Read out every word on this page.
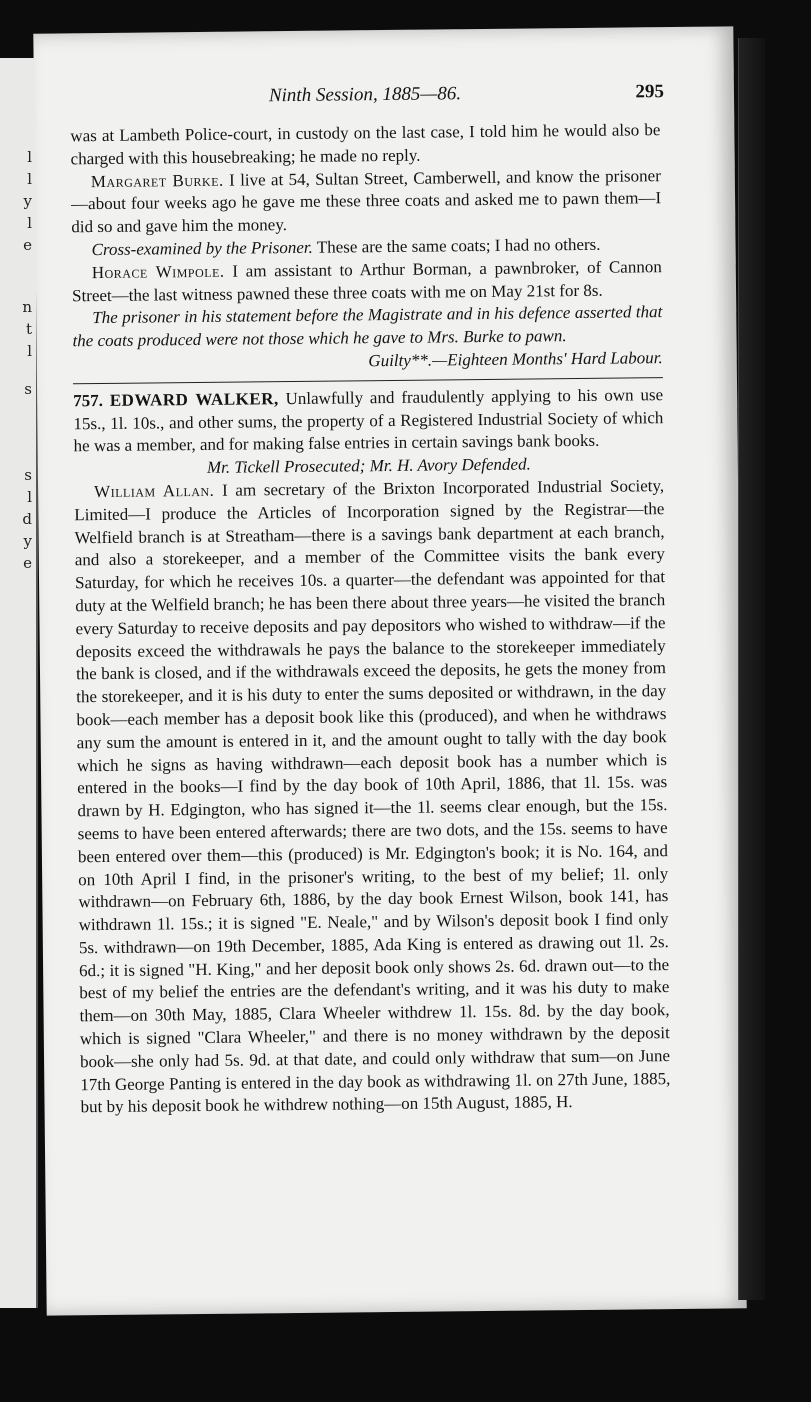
l
l
y
l
e
n
t
l
s
s
l
d
y
e
Ninth Session, 1885—86.	295

was at Lambeth Police-court, in custody on the last case, I told him he would also be charged with this housebreaking; he made no reply.

Margaret Burke. I live at 54, Sultan Street, Camberwell, and know the prisoner—about four weeks ago he gave me these three coats and asked me to pawn them—I did so and gave him the money.

Cross-examined by the Prisoner. These are the same coats; I had no others.

Horace Wimpole. I am assistant to Arthur Borman, a pawnbroker, of Cannon Street—the last witness pawned these three coats with me on May 21st for 8s.

The prisoner in his statement before the Magistrate and in his defence asserted that the coats produced were not those which he gave to Mrs. Burke to pawn.

Guilty**.—Eighteen Months' Hard Labour.

757. EDWARD WALKER, Unlawfully and fraudulently applying to his own use 15s., 1l. 10s., and other sums, the property of a Registered Industrial Society of which he was a member, and for making false entries in certain savings bank books.

Mr. Tickell Prosecuted; Mr. H. Avory Defended.

William Allan. I am secretary of the Brixton Incorporated Industrial Society, Limited—I produce the Articles of Incorporation signed by the Registrar—the Welfield branch is at Streatham—there is a savings bank department at each branch, and also a storekeeper, and a member of the Committee visits the bank every Saturday, for which he receives 10s. a quarter—the defendant was appointed for that duty at the Welfield branch; he has been there about three years—he visited the branch every Saturday to receive deposits and pay depositors who wished to withdraw—if the deposits exceed the withdrawals he pays the balance to the storekeeper immediately the bank is closed, and if the withdrawals exceed the deposits, he gets the money from the storekeeper, and it is his duty to enter the sums deposited or withdrawn, in the day book—each member has a deposit book like this (produced), and when he withdraws any sum the amount is entered in it, and the amount ought to tally with the day book which he signs as having withdrawn—each deposit book has a number which is entered in the books—I find by the day book of 10th April, 1886, that 1l. 15s. was drawn by H. Edgington, who has signed it—the 1l. seems clear enough, but the 15s. seems to have been entered afterwards; there are two dots, and the 15s. seems to have been entered over them—this (produced) is Mr. Edgington's book; it is No. 164, and on 10th April I find, in the prisoner's writing, to the best of my belief; 1l. only withdrawn—on February 6th, 1886, by the day book Ernest Wilson, book 141, has withdrawn 1l. 15s.; it is signed "E. Neale," and by Wilson's deposit book I find only 5s. withdrawn—on 19th December, 1885, Ada King is entered as drawing out 1l. 2s. 6d.; it is signed "H. King," and her deposit book only shows 2s. 6d. drawn out—to the best of my belief the entries are the defendant's writing, and it was his duty to make them—on 30th May, 1885, Clara Wheeler withdrew 1l. 15s. 8d. by the day book, which is signed "Clara Wheeler," and there is no money withdrawn by the deposit book—she only had 5s. 9d. at that date, and could only withdraw that sum—on June 17th George Panting is entered in the day book as withdrawing 1l. on 27th June, 1885, but by his deposit book he withdrew nothing—on 15th August, 1885, H.
